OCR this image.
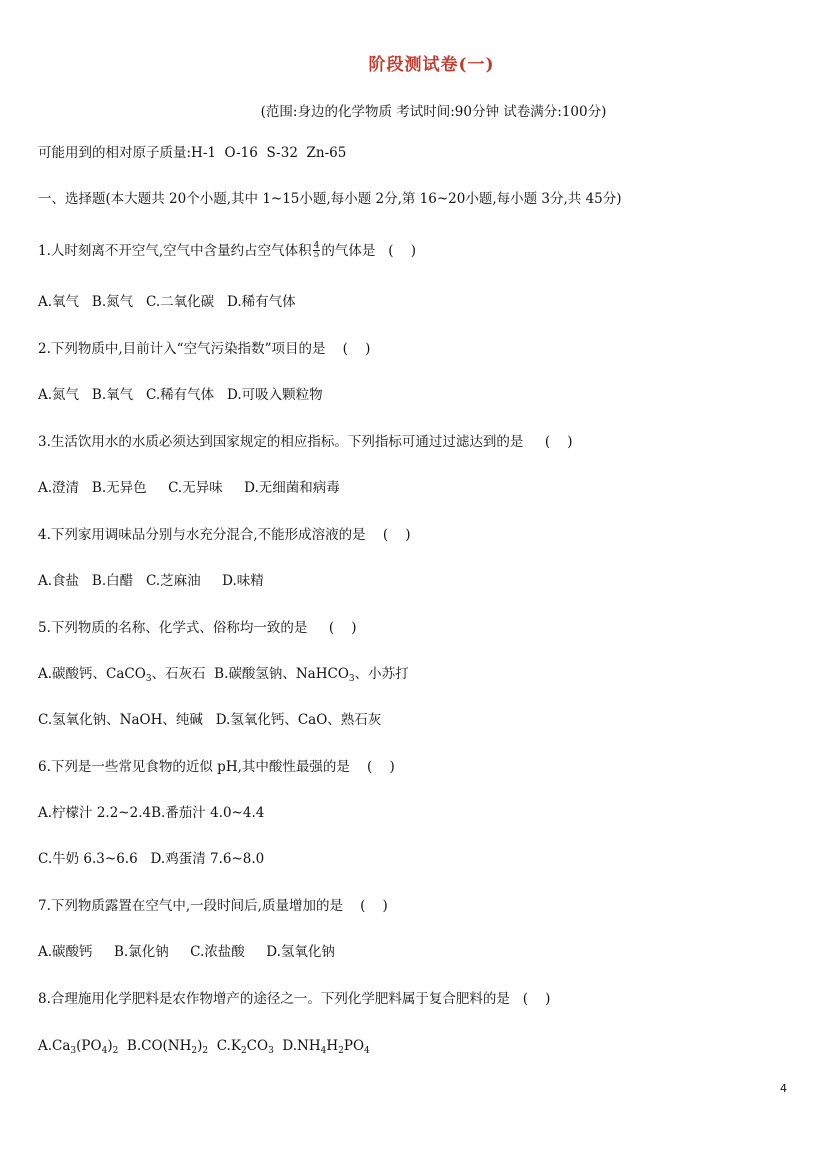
阶段测试卷(一)
(范围:身边的化学物质 考试时间:90分钟 试卷满分:100分)
可能用到的相对原子质量:H-1  O-16  S-32  Zn-65
一、选择题(本大题共 20个小题,其中 1~15小题,每小题 2分,第 16~20小题,每小题 3分,共 45分)
1.人时刻离不开空气,空气中含量约占空气体积 $\frac{4}{5}$ 的气体是   (    )
A.氧气   B.氮气   C.二氧化碳   D.稀有气体
2.下列物质中,目前计入“空气污染指数”项目的是    (    )
A.氮气   B.氧气   C.稀有气体   D.可吸入颗粒物
3.生活饮用水的水质必须达到国家规定的相应指标。下列指标可通过过滤达到的是     (    )
A.澄清   B.无异色     C.无异味     D.无细菌和病毒
4.下列家用调味品分别与水充分混合,不能形成溶液的是    (    )
A.食盐   B.白醋   C.芝麻油     D.味精
5.下列物质的名称、化学式、俗称均一致的是     (    )
A.碳酸钙、CaCO$_3$、石灰石  B.碳酸氢钠、NaHCO$_3$、小苏打
C.氢氧化钠、NaOH、纯碱   D.氢氧化钙、CaO、熟石灰
6.下列是一些常见食物的近似 pH,其中酸性最强的是    (    )
A.柠檬汁 2.2~2.4B.番茄汁 4.0~4.4
C.牛奶 6.3~6.6   D.鸡蛋清 7.6~8.0
7.下列物质露置在空气中,一段时间后,质量增加的是    (    )
A.碳酸钙     B.氯化钠     C.浓盐酸     D.氢氧化钠
8.合理施用化学肥料是农作物增产的途径之一。下列化学肥料属于复合肥料的是   (    )
$A.Ca_3(PO_4)_2$  $B.CO(NH_2)_2$  $C.K_2CO_3$  $D.NH_4H_2PO_4$
4
